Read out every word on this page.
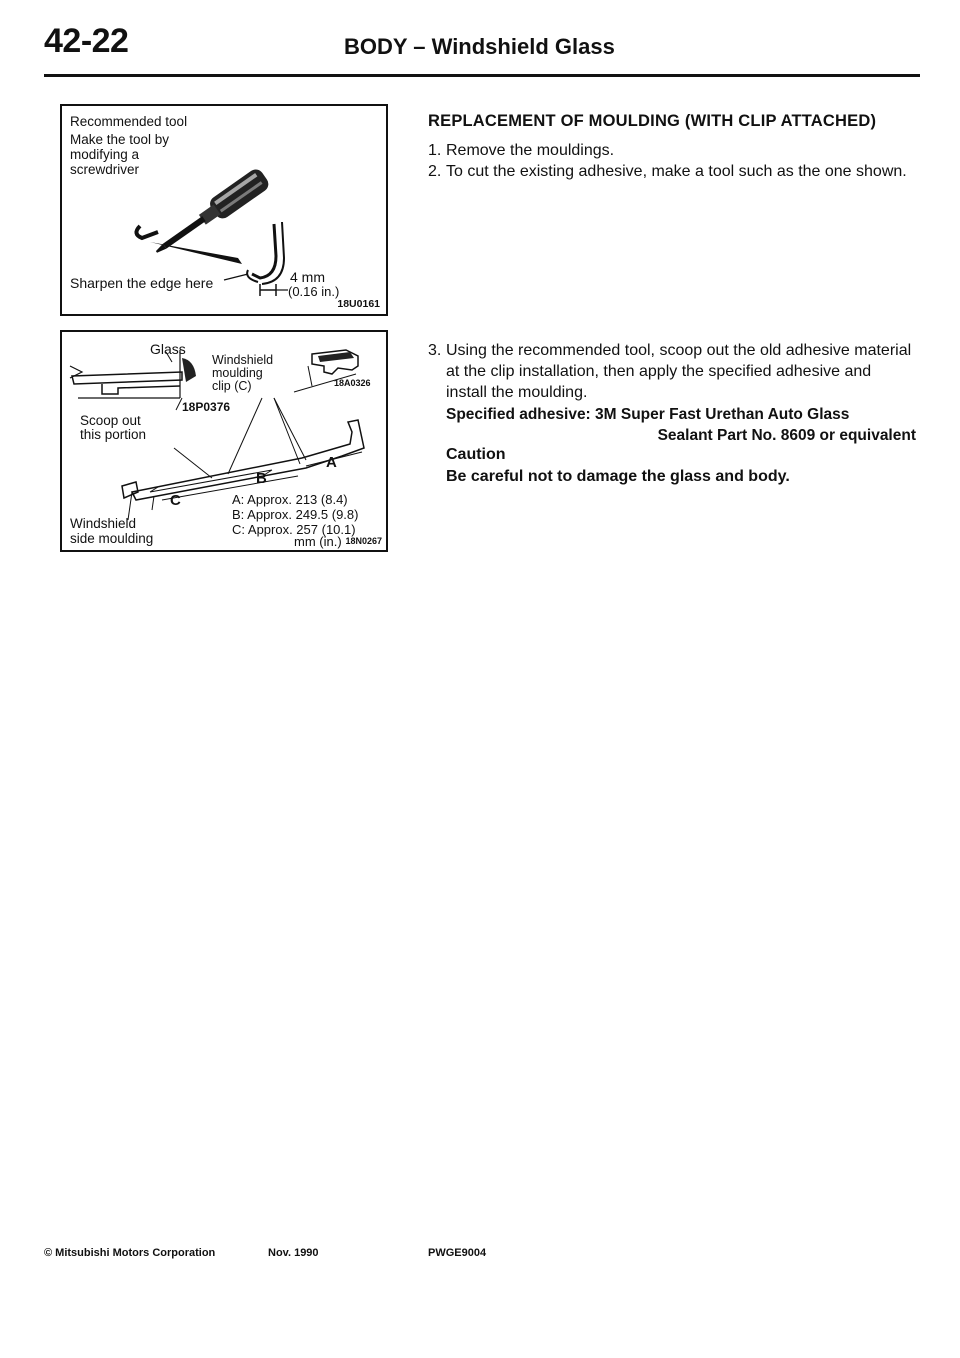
42-22	BODY – Windshield Glass
Recommended tool
Make the tool by
modifying a
screwdriver
Sharpen the edge here	4 mm
(0.16 in.)
18U0161
Glass
Windshield
moulding
clip (C)	18A0326
18P0376
Scoop out
this portion
A
B
C	A: Approx. 213 (8.4)
B: Approx. 249.5 (9.8)
C: Approx. 257 (10.1)
mm (in.) 18N0267
Windshield
side moulding
REPLACEMENT OF MOULDING (WITH CLIP ATTACHED)
1. Remove the mouldings.
2. To cut the existing adhesive, make a tool such as the one shown.
3. Using the recommended tool, scoop out the old adhesive material at the clip installation, then apply the specified adhesive and install the moulding.
Specified adhesive: 3M Super Fast Urethan Auto Glass
Sealant Part No. 8609 or equivalent
Caution
Be careful not to damage the glass and body.
© Mitsubishi Motors Corporation	Nov. 1990	PWGE9004
